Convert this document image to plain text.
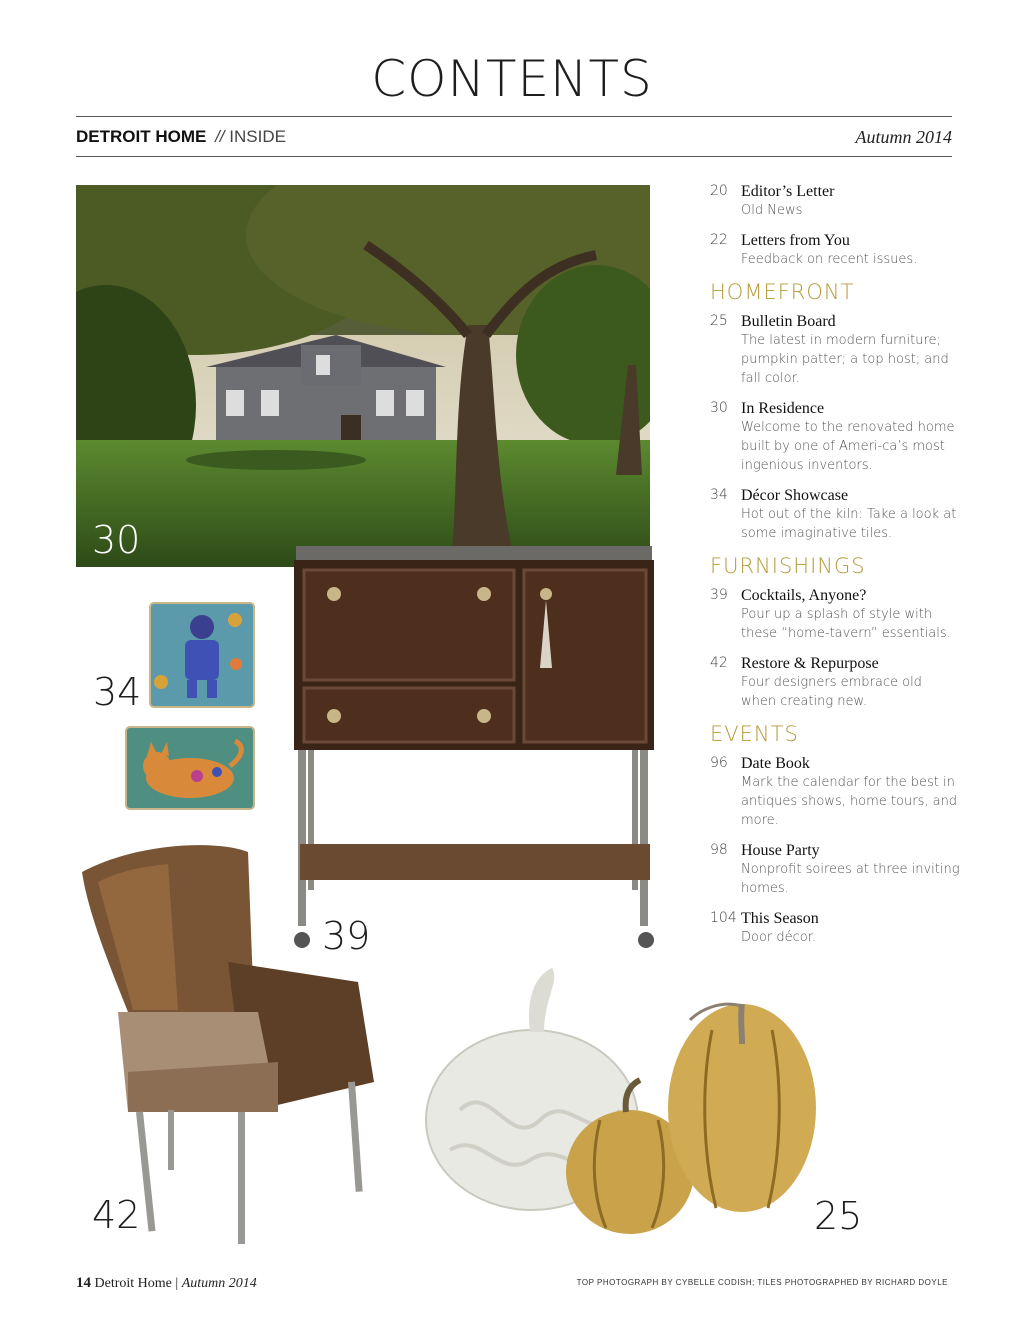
CONTENTS
DETROIT HOME // INSIDE	Autumn 2014
30
34
39
42	25
20 Editor’s Letter
Old News
22 Letters from You
Feedback on recent issues.
HOMEFRONT
25 Bulletin Board
The latest in modern furniture; pumpkin patter; a top host; and fall color.
30 In Residence
Welcome to the renovated home built by one of Ameri-ca’s most ingenious inventors.
34 Décor Showcase
Hot out of the kiln: Take a look at some imaginative tiles.
FURNISHINGS
39 Cocktails, Anyone?
Pour up a splash of style with these “home-tavern” essentials.
42 Restore & Repurpose
Four designers embrace old when creating new.
EVENTS
96 Date Book
Mark the calendar for the best in antiques shows, home tours, and more.
98 House Party
Nonprofit soirees at three inviting homes.
104 This Season
Door décor.
14 Detroit Home | Autumn 2014	TOP PHOTOGRAPH BY CYBELLE CODISH; TILES PHOTOGRAPHED BY RICHARD DOYLE
